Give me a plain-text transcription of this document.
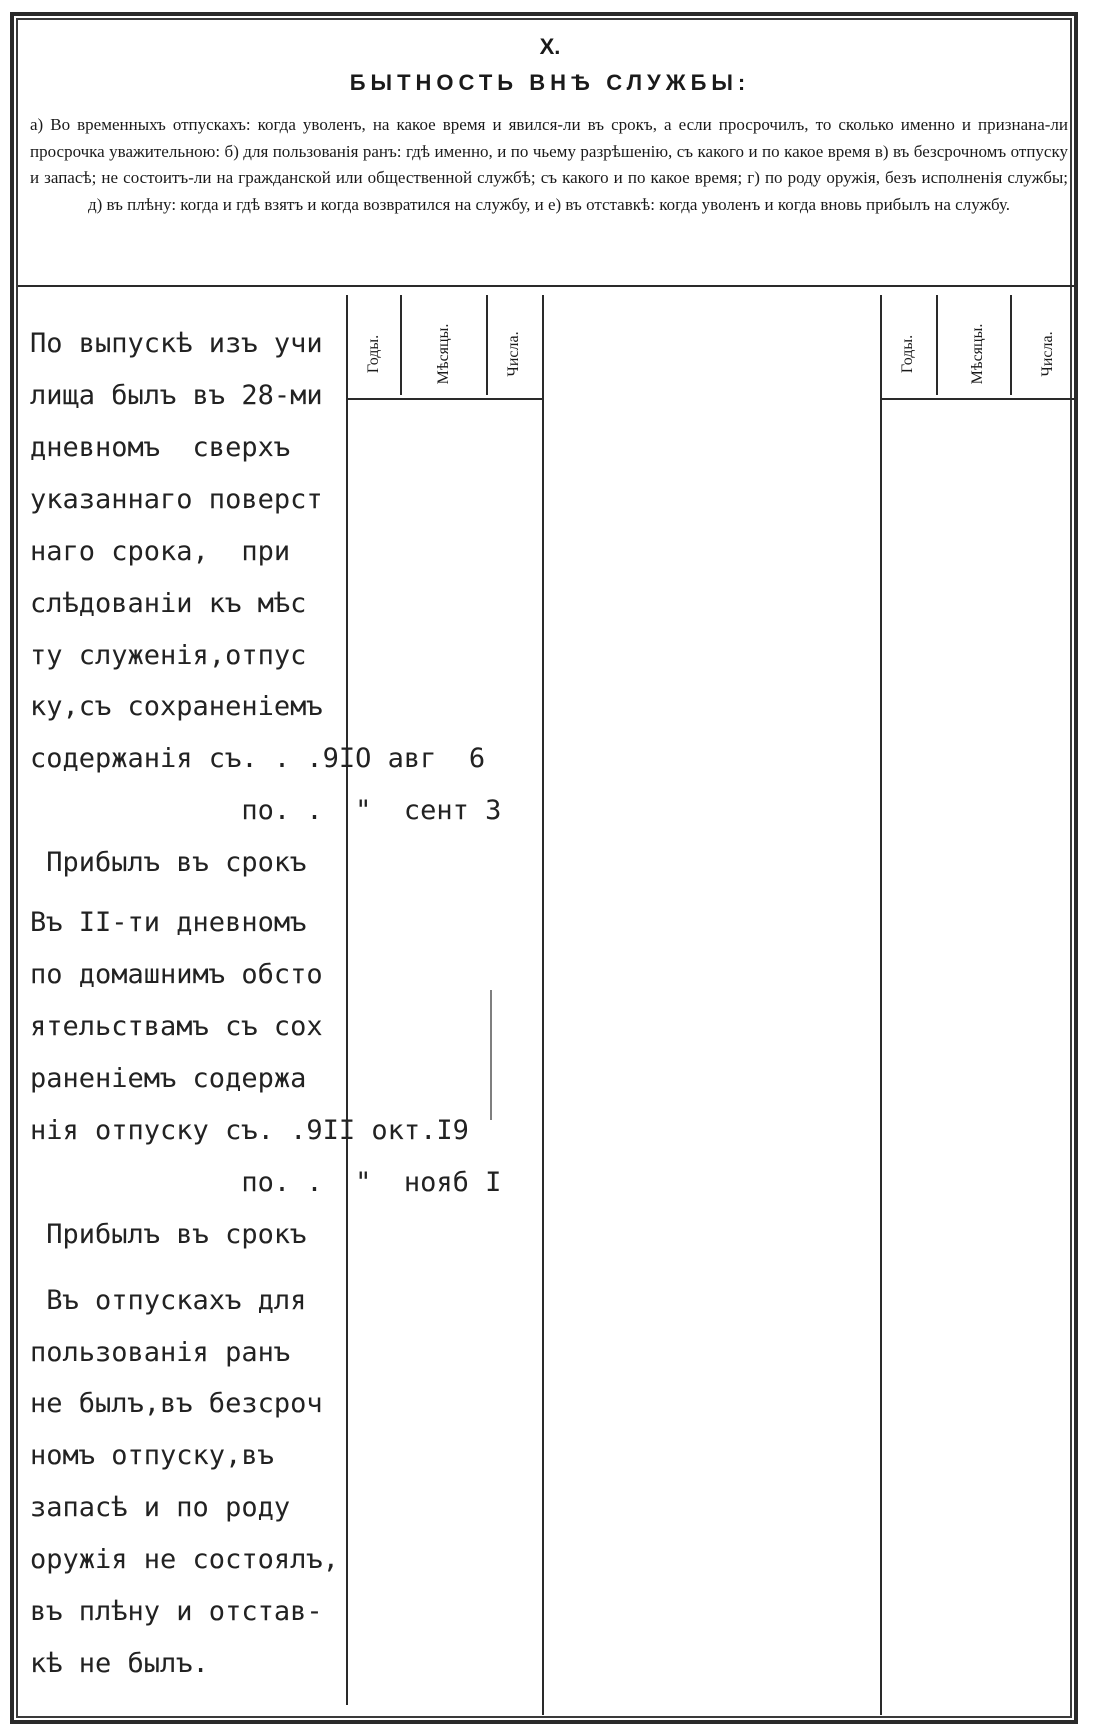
X.
БЫТНОСТЬ ВНѢ СЛУЖБЫ:
а) Во временныхъ отпускахъ: когда уволенъ, на какое время и явился-ли въ срокъ, а если просрочилъ, то сколько именно и признана-ли просрочка уважительною: б) для пользованія ранъ: гдѣ именно, и по чьему разрѣшенію, съ какого и по какое время в) въ безсрочномъ отпуску и запасѣ; не состоитъ-ли на гражданской или общественной службѣ; съ какого и по какое время; г) по роду оружія, безъ исполненія службы; д) въ плѣну: когда и гдѣ взятъ и когда возвратился на службу, и е) въ отставкѣ: когда уволенъ и когда вновь прибылъ на службу.
Годы.	Мѣсяцы.	Числа.	Годы.	Мѣсяцы.	Числа.
По выпускѣ изъ учи
лища былъ въ 28-ми
дневномъ  сверхъ
указаннаго поверст
наго срока,  при
слѣдованіи къ мѣс
ту служенія,отпус
ку,съ сохраненіемъ
содержанія съ. . .9IО авг  6
по. .  "  сент 3
Прибылъ въ срокъ
Въ II-ти дневномъ
по домашнимъ обсто
ятельствамъ съ сох
раненіемъ содержа
нія отпуску съ. .9II окт.I9
по. .  "  нояб I
Прибылъ въ срокъ
Въ отпускахъ для
пользованія ранъ
не былъ,въ безсроч
номъ отпуску,въ
запасѣ и по роду
оружія не состоялъ,
въ плѣну и отстав-
кѣ не былъ.
